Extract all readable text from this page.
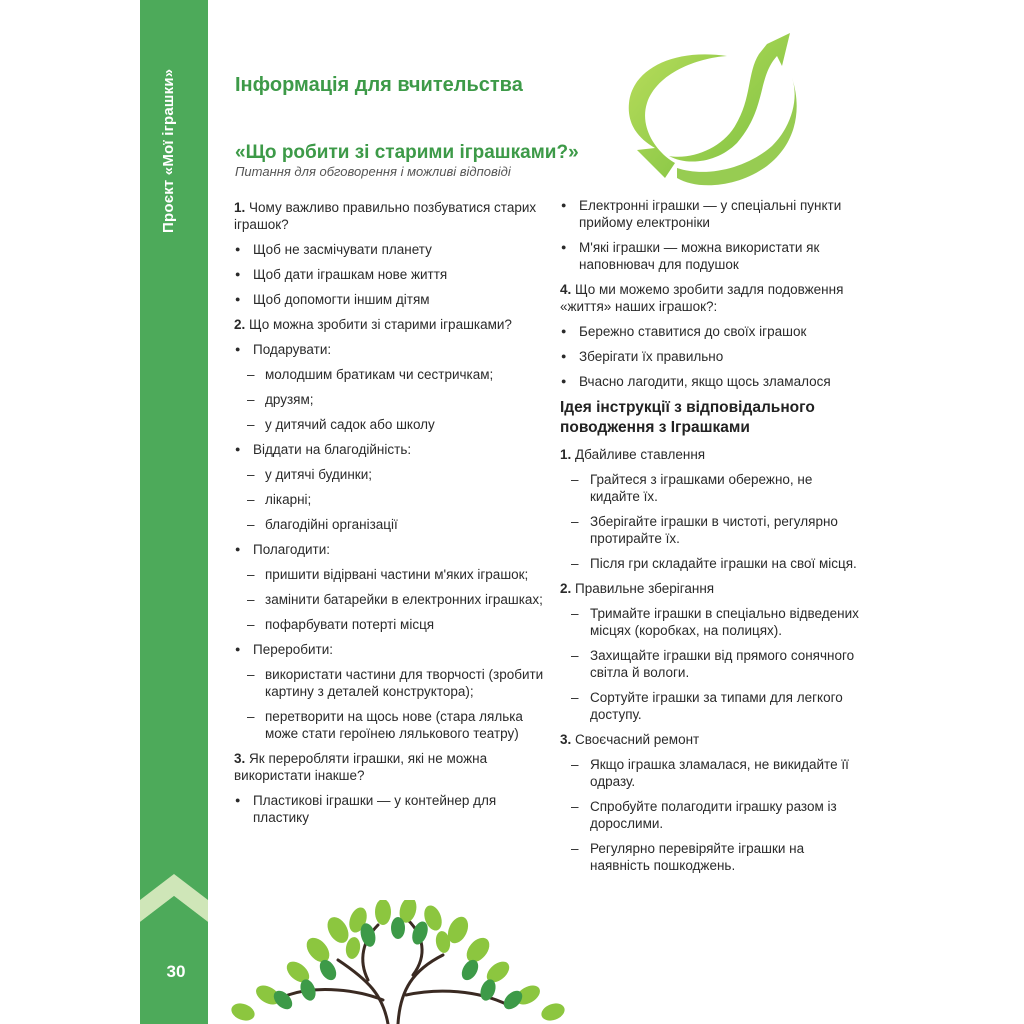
Проєкт «Мої іграшки»
30
Інформація для вчительства
«Що робити зі старими іграшками?»
Питання для обговорення і можливі відповіді
1. Чому важливо правильно позбуватися старих іграшок?
● Щоб не засмічувати планету
● Щоб дати іграшкам нове життя
● Щоб допомогти іншим дітям
2. Що можна зробити зі старими іграшками?
● Подарувати:
– молодшим братикам чи сестричкам;
– друзям;
– у дитячий садок або школу
● Віддати на благодійність:
– у дитячі будинки;
– лікарні;
– благодійні організації
● Полагодити:
– пришити відірвані частини м'яких іграшок;
– замінити батарейки в електронних іграшках;
– пофарбувати потерті місця
● Переробити:
– використати частини для творчості (зробити картину з деталей конструктора);
– перетворити на щось нове (стара лялька може стати героїнею лялькового театру)
3. Як переробляти іграшки, які не можна використати інакше?
● Пластикові іграшки — у контейнер для пластику
● Електронні іграшки — у спеціальні пункти прийому електроніки
● М'які іграшки — можна використати як наповнювач для подушок
4. Що ми можемо зробити задля подовження «життя» наших іграшок?:
● Бережно ставитися до своїх іграшок
● Зберігати їх правильно
● Вчасно лагодити, якщо щось зламалося
Ідея інструкції з відповідального поводження з Іграшками
1. Дбайливе ставлення
– Грайтеся з іграшками обережно, не кидайте їх.
– Зберігайте іграшки в чистоті, регулярно протирайте їх.
– Після гри складайте іграшки на свої місця.
2. Правильне зберігання
– Тримайте іграшки в спеціально відведених місцях (коробках, на полицях).
– Захищайте іграшки від прямого сонячного світла й вологи.
– Сортуйте іграшки за типами для легкого доступу.
3. Своєчасний ремонт
– Якщо іграшка зламалася, не викидайте її одразу.
– Спробуйте полагодити іграшку разом із дорослими.
– Регулярно перевіряйте іграшки на наявність пошкоджень.
